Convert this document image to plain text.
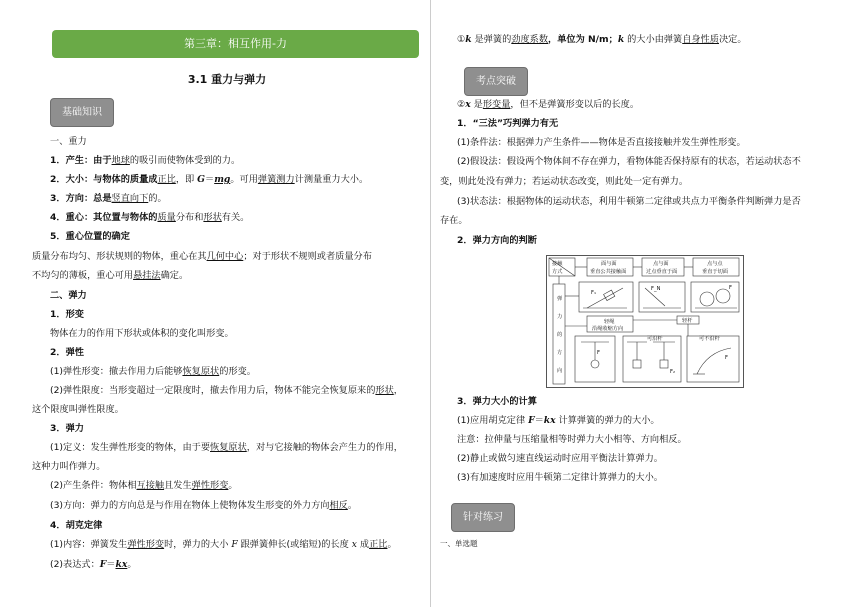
第三章：相互作用-力
3.1 重力与弹力
基础知识
考点突破
针对练习
一、重力
1．产生：由于地球的吸引而使物体受到的力。
2．大小：与物体的质量成正比，即 G＝mg。可用弹簧测力计测量重力大小。
3．方向：总是竖直向下的。
4．重心：其位置与物体的质量分布和形状有关。
5．重心位置的确定
质量分布均匀、形状规则的物体，重心在其几何中心；对于形状不规则或者质量分布
不均匀的薄板，重心可用悬挂法确定。
二、弹力
1．形变
物体在力的作用下形状或体积的变化叫形变。
2．弹性
(1)弹性形变：撤去作用力后能够恢复原状的形变。
(2)弹性限度：当形变超过一定限度时，撤去作用力后，物体不能完全恢复原来的形状，
这个限度叫弹性限度。
3．弹力
(1)定义：发生弹性形变的物体，由于要恢复原状，对与它接触的物体会产生力的作用，
这种力叫作弹力。
(2)产生条件：物体相互接触且发生弹性形变。
(3)方向：弹力的方向总是与作用在物体上使物体发生形变的外力方向相反。
4．胡克定律
(1)内容：弹簧发生弹性形变时，弹力的大小 F 跟弹簧伸长(或缩短)的长度 x 成正比。
(2)表达式：F＝kx。
①k 是弹簧的劲度系数，单位为 N/m；k 的大小由弹簧自身性质决定。
②x 是形变量，但不是弹簧形变以后的长度。
1．“三法”巧判弹力有无
(1)条件法：根据弹力产生条件——物体是否直接接触并发生弹性形变。
(2)假设法：假设两个物体间不存在弹力，看物体能否保持原有的状态，若运动状态不
变，则此处没有弹力；若运动状态改变，则此处一定有弹力。
(3)状态法：根据物体的运动状态，利用牛顿第二定律或共点力平衡条件判断弹力是否
存在。
2．弹力方向的判断
接触
方式
面与面
垂直公共接触面
点与面
过点垂直于面
点与点
垂直于切面
弹
力
的
方
向
轻绳
沿绳收缩方向
轻杆
可沿杆	可不沿杆
F₁
F_N	F
F
F₂
F
3．弹力大小的计算
(1)应用胡克定律 F＝kx 计算弹簧的弹力的大小。
注意：拉伸量与压缩量相等时弹力大小相等、方向相反。
(2)静止或做匀速直线运动时应用平衡法计算弹力。
(3)有加速度时应用牛顿第二定律计算弹力的大小。
一、单选题
